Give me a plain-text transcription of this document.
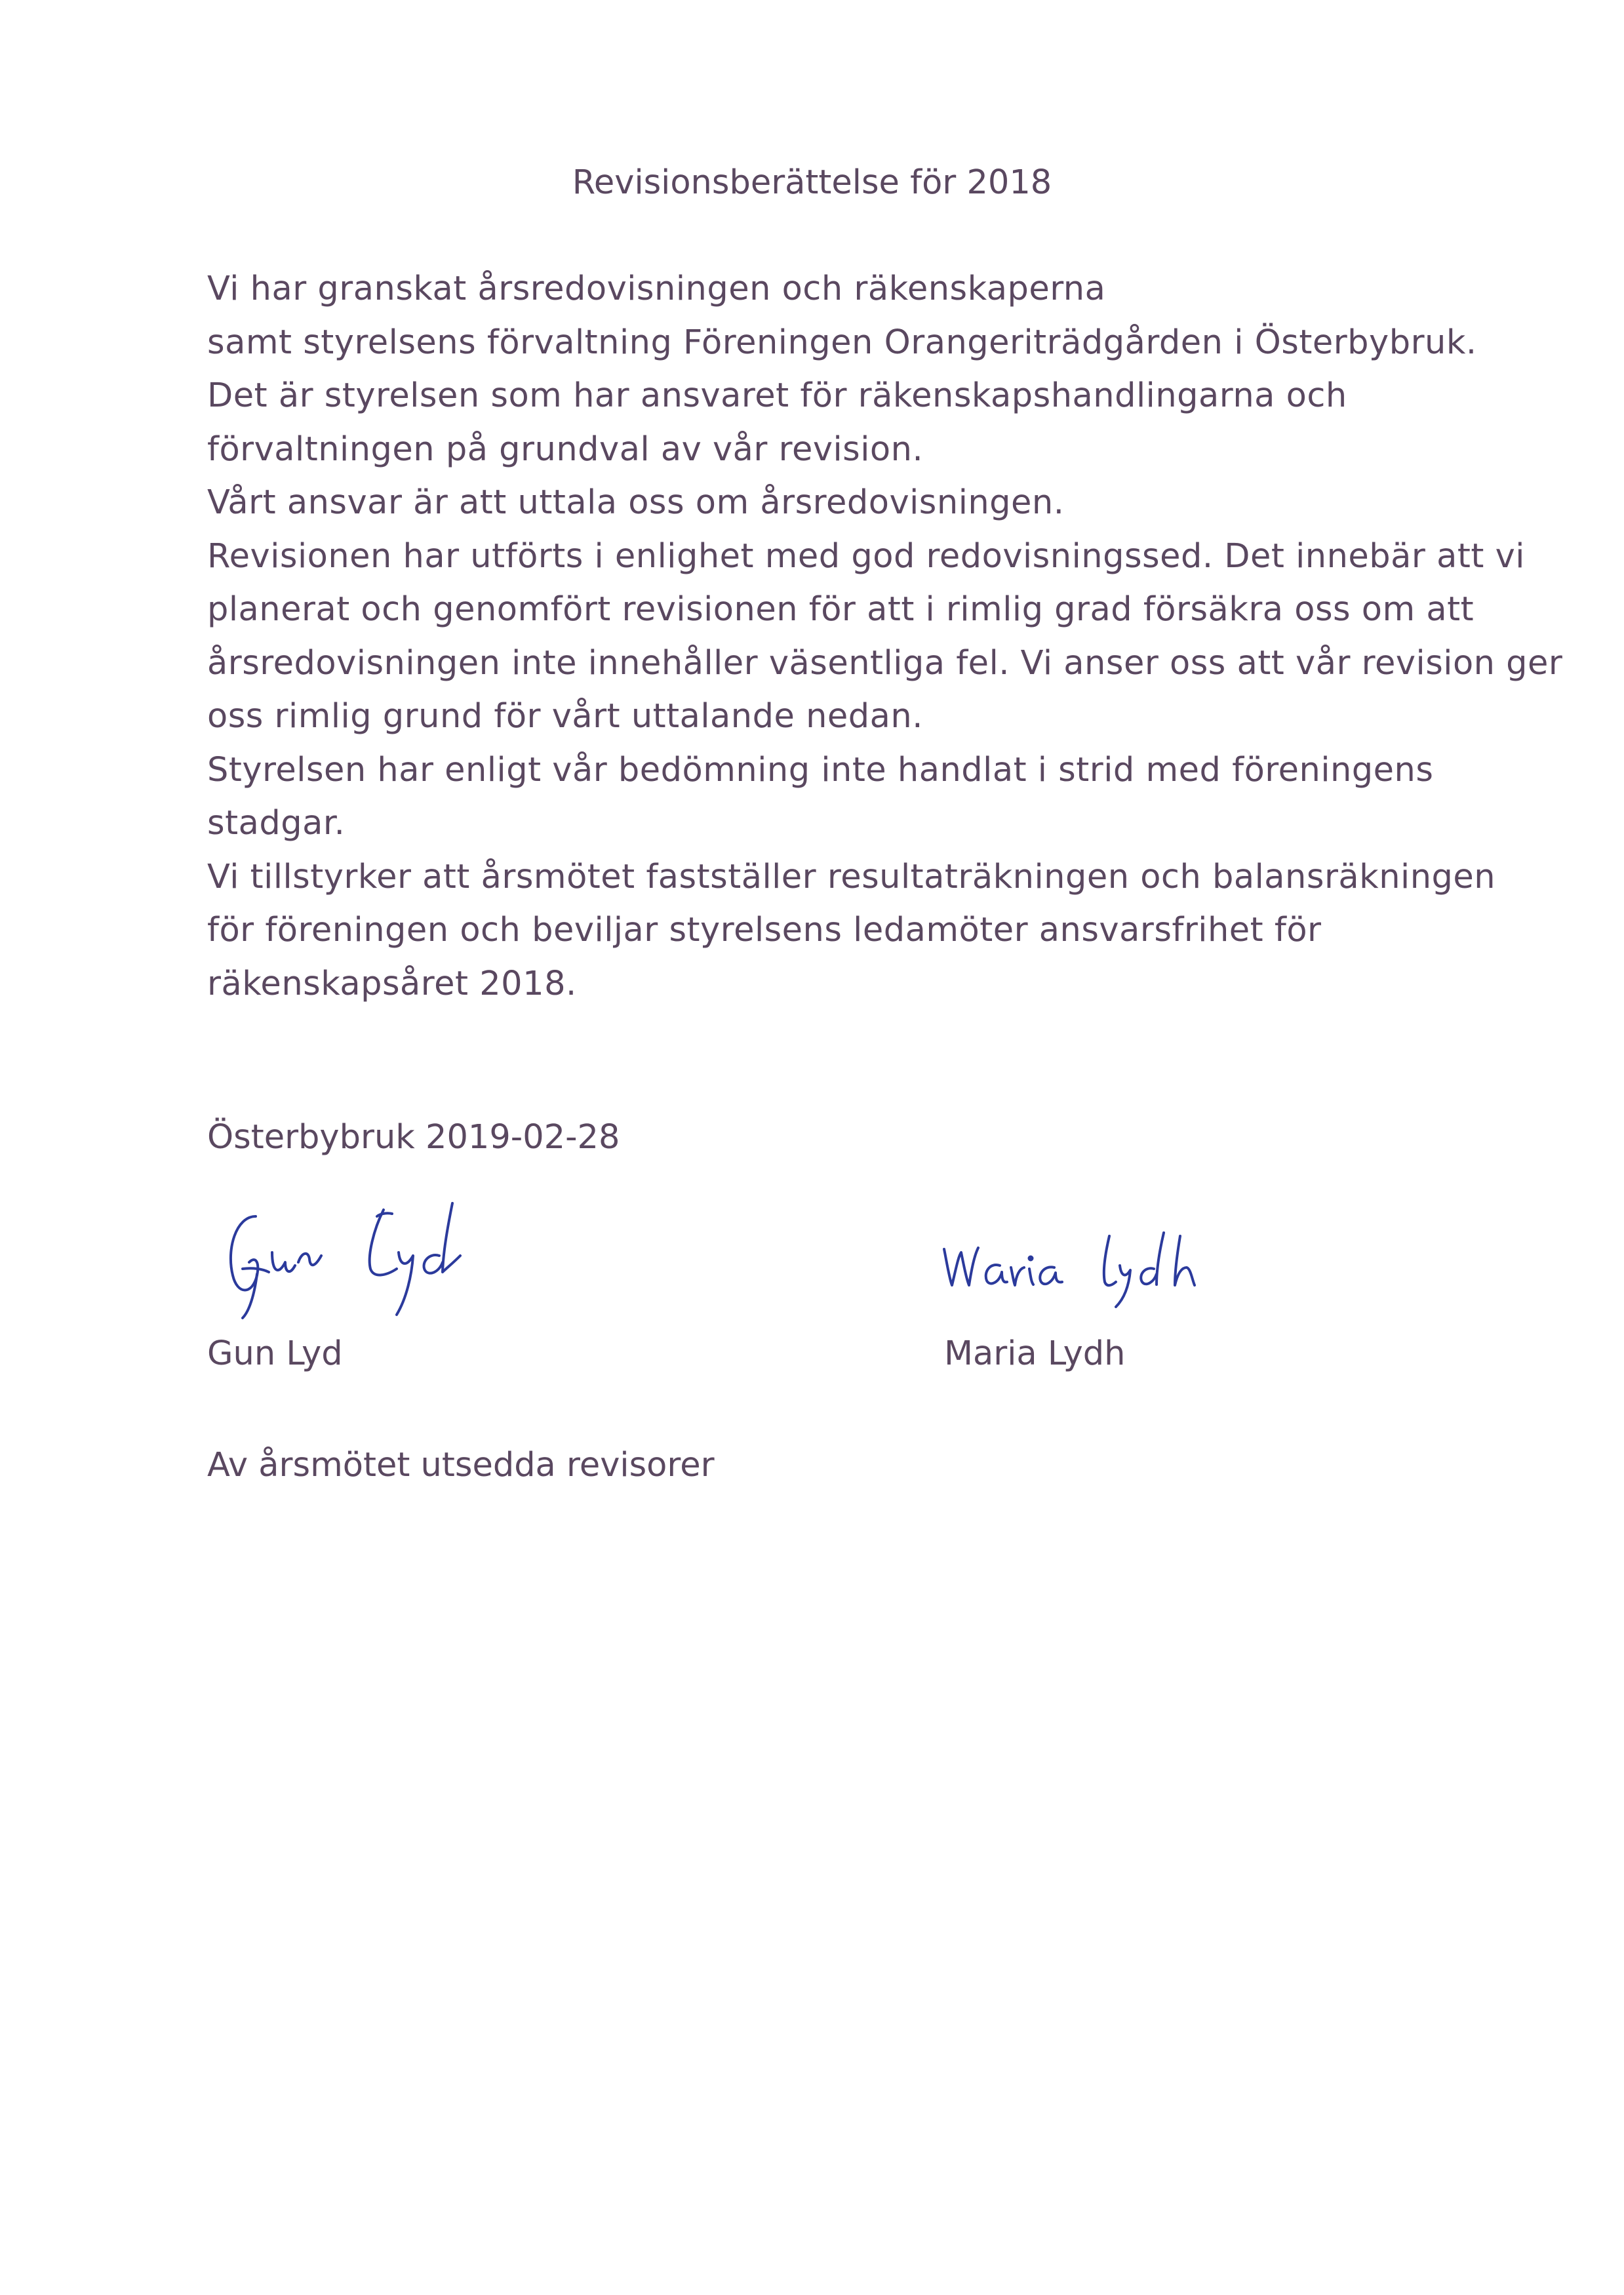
Revisionsberättelse för 2018
Vi har granskat årsredovisningen och räkenskaperna
samt styrelsens förvaltning Föreningen Orangeriträdgården i Österbybruk.
Det är styrelsen som har ansvaret för räkenskapshandlingarna och
förvaltningen på grundval av vår revision.
Vårt ansvar är att uttala oss om årsredovisningen.
Revisionen har utförts i enlighet med god redovisningssed. Det innebär att vi
planerat och genomfört revisionen för att i rimlig grad försäkra oss om att
årsredovisningen inte innehåller väsentliga fel. Vi anser oss att vår revision ger
oss rimlig grund för vårt uttalande nedan.
Styrelsen har enligt vår bedömning inte handlat i strid med föreningens
stadgar.
Vi tillstyrker att årsmötet fastställer resultaträkningen och balansräkningen
för föreningen och beviljar styrelsens ledamöter ansvarsfrihet för
räkenskapsåret 2018.
Österbybruk 2019-02-28
Gun Lyd	Maria Lydh
Av årsmötet utsedda revisorer
